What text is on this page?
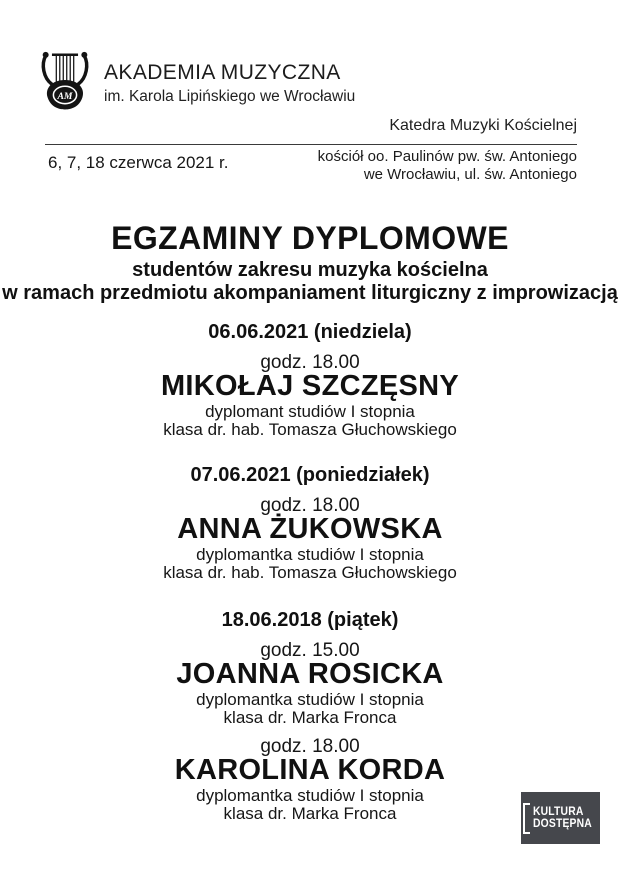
AM
AKADEMIA MUZYCZNA
im. Karola Lipińskiego we Wrocławiu
Katedra Muzyki Kościelnej
6, 7, 18 czerwca 2021 r.	kościół oo. Paulinów pw. św. Antoniego
we Wrocławiu, ul. św. Antoniego
EGZAMINY DYPLOMOWE
studentów zakresu muzyka kościelna
w ramach przedmiotu akompaniament liturgiczny z improwizacją
06.06.2021 (niedziela)
godz. 18.00
MIKOŁAJ SZCZĘSNY
dyplomant studiów I stopnia
klasa dr. hab. Tomasza Głuchowskiego
07.06.2021 (poniedziałek)
godz. 18.00
ANNA ŻUKOWSKA
dyplomantka studiów I stopnia
klasa dr. hab. Tomasza Głuchowskiego
18.06.2018 (piątek)
godz. 15.00
JOANNA ROSICKA
dyplomantka studiów I stopnia
klasa dr. Marka Fronca
godz. 18.00
KAROLINA KORDA
dyplomantka studiów I stopnia
klasa dr. Marka Fronca	KULTURA
DOSTĘPNA
